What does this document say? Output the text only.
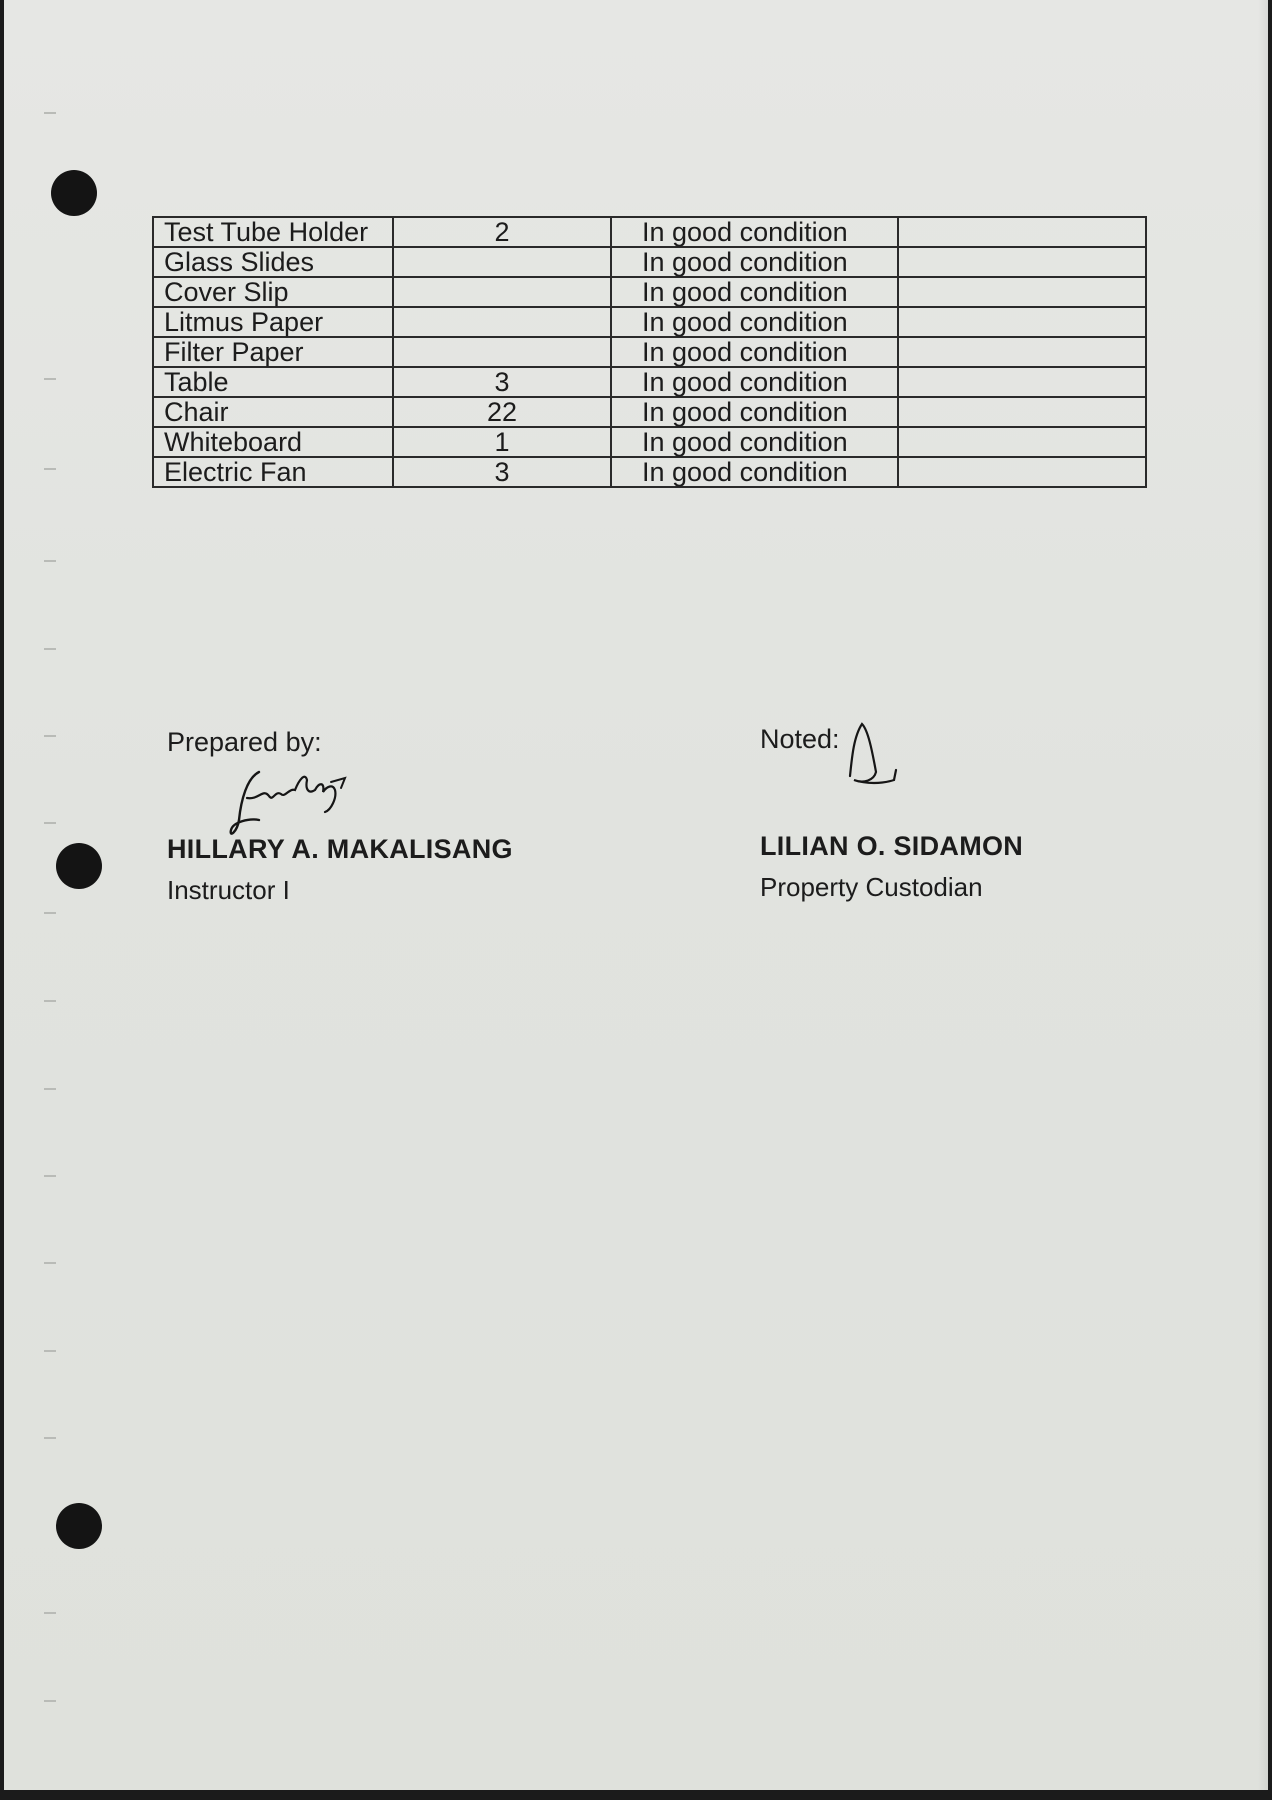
Test Tube Holder	2	In good condition	
Glass Slides		In good condition	
Cover Slip		In good condition	
Litmus Paper		In good condition	
Filter Paper		In good condition	
Table	3	In good condition	
Chair	22	In good condition	
Whiteboard	1	In good condition	
Electric Fan	3	In good condition	
Prepared by:
HILLARY A. MAKALISANG
Instructor I
Noted:
LILIAN O. SIDAMON
Property Custodian
